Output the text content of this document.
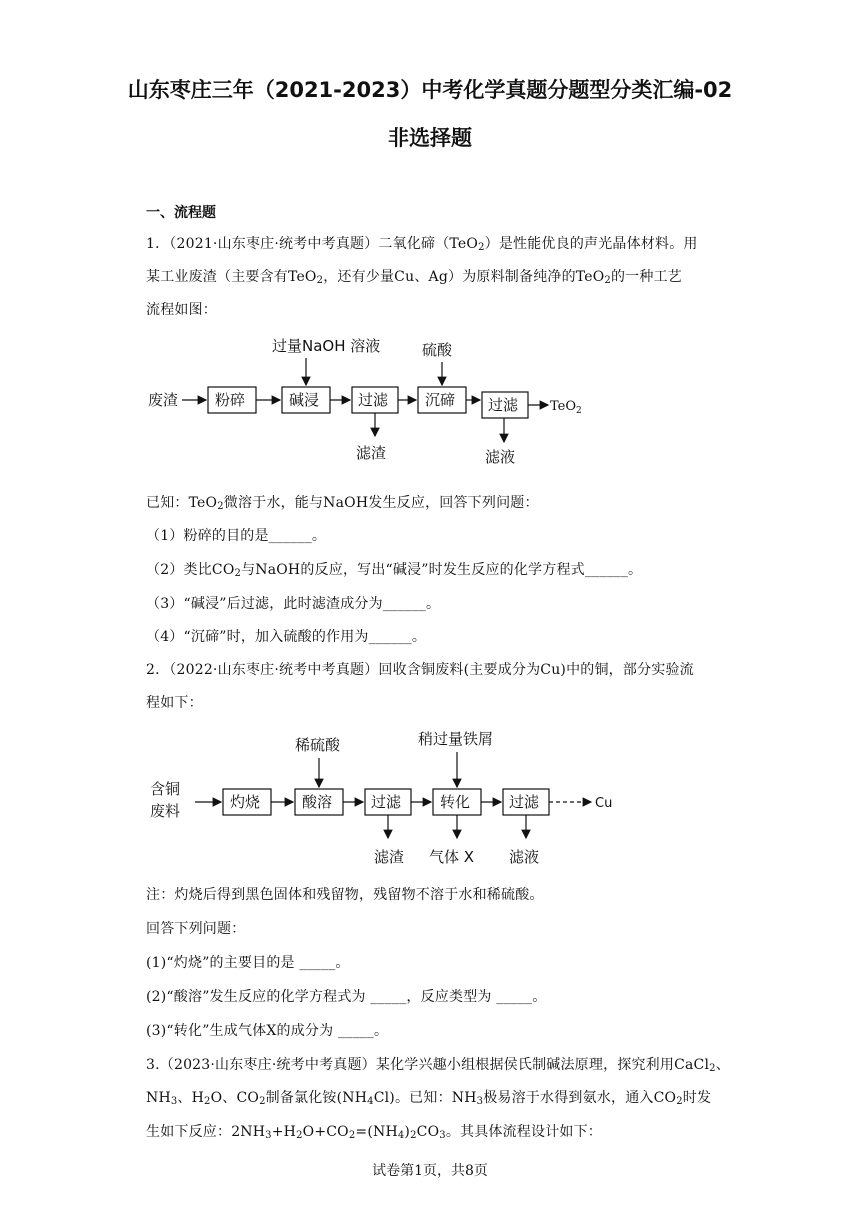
山东枣庄三年（2021-2023）中考化学真题分题型分类汇编-02
非选择题
一、流程题
1．（2021·山东枣庄·统考中考真题）二氧化碲（TeO$_2$）是性能优良的声光晶体材料。用
某工业废渣（主要含有TeO$_2$，还有少量Cu、Ag）为原料制备纯净的TeO$_2$的一种工艺
流程如图：
废渣 粉碎	碱浸
过量NaOH 溶液
过滤
滤渣
沉碲
硫酸
过滤
滤液
TeO$_2$
已知：TeO$_2$微溶于水，能与NaOH发生反应，回答下列问题：
（1）粉碎的目的是______。
（2）类比$CO_2$与NaOH的反应，写出“碱浸”时发生反应的化学方程式______。
（3）“碱浸”后过滤，此时滤渣成分为______。
（4）“沉碲”时，加入硫酸的作用为______。
2．（2022·山东枣庄·统考中考真题）回收含铜废料(主要成分为Cu)中的铜，部分实验流
程如下：
含铜
废料	灼烧	酸溶
稀硫酸
过滤
滤渣
转化
稍过量铁屑
气体 X
过滤
滤液
Cu
注：灼烧后得到黑色固体和残留物，残留物不溶于水和稀硫酸。
回答下列问题：
(1)“灼烧”的主要目的是 _____。
(2)“酸溶”发生反应的化学方程式为 _____，反应类型为 _____。
(3)“转化”生成气体X的成分为 _____。
3.（2023·山东枣庄·统考中考真题）某化学兴趣小组根据侯氏制碱法原理，探究利用CaCl$_2$、
$NH_3$、$H_2O$、$CO_2$制备氯化铵$(NH_4Cl)$。已知：$NH_3$极易溶于水得到氨水，通入$CO_2$时发
生如下反应：$2NH_3+H_2O+CO_2=(NH_4)_2CO_3$。其具体流程设计如下：
试卷第1页，共8页
